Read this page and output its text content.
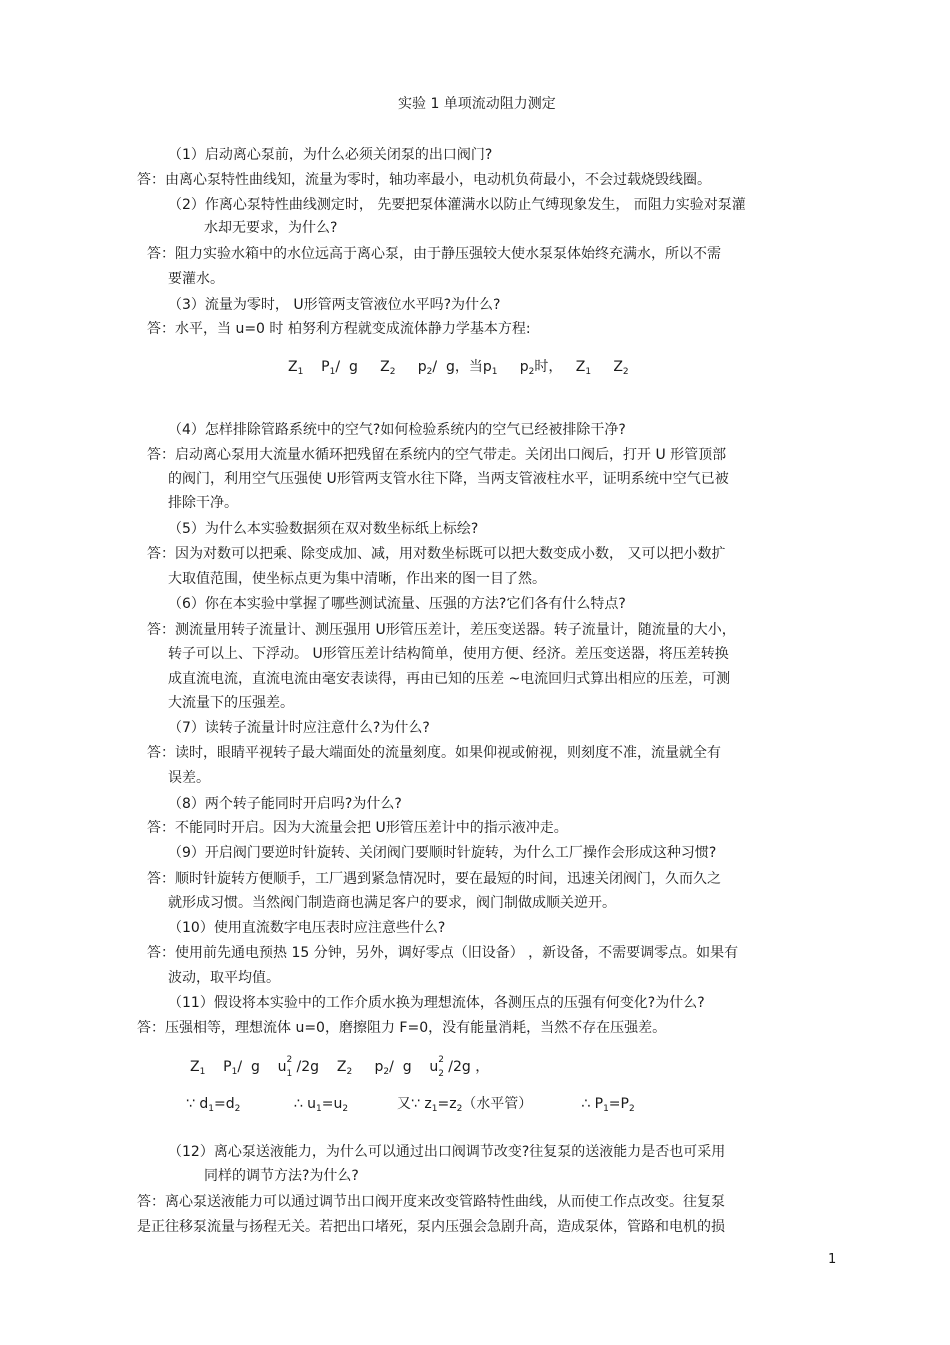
实验 1 单项流动阻力测定

（1）启动离心泵前，为什么必须关闭泵的出口阀门?

答：由离心泵特性曲线知，流量为零时，轴功率最小，电动机负荷最小，不会过载烧毁线圈。

（2）作离心泵特性曲线测定时， 先要把泵体灌满水以防止气缚现象发生， 而阻力实验对泵灌

水却无要求，为什么?

答：阻力实验水箱中的水位远高于离心泵，由于静压强较大使水泵泵体始终充满水，所以不需

要灌水。

（3）流量为零时， U形管两支管液位水平吗?为什么?

答：水平，当 u=0 时 柏努利方程就变成流体静力学基本方程:

$Z_1$ $P_1/$  g $Z_2$ $p_2/$  g，当$p_1$ $p_2$时， $Z_1$ $Z_2$

（4）怎样排除管路系统中的空气?如何检验系统内的空气已经被排除干净?

答：启动离心泵用大流量水循环把残留在系统内的空气带走。关闭出口阀后，打开 U 形管顶部

的阀门，利用空气压强使 U形管两支管水往下降，当两支管液柱水平，证明系统中空气已被

排除干净。

（5）为什么本实验数据须在双对数坐标纸上标绘?

答：因为对数可以把乘、除变成加、减，用对数坐标既可以把大数变成小数， 又可以把小数扩

大取值范围，使坐标点更为集中清晰，作出来的图一目了然。

（6）你在本实验中掌握了哪些测试流量、压强的方法?它们各有什么特点?

答：测流量用转子流量计、测压强用 U形管压差计，差压变送器。转子流量计，随流量的大小，

转子可以上、下浮动。 U形管压差计结构简单，使用方便、经济。差压变送器，将压差转换

成直流电流，直流电流由毫安表读得，再由已知的压差 ~电流回归式算出相应的压差，可测

大流量下的压强差。

（7）读转子流量计时应注意什么?为什么?

答：读时，眼睛平视转子最大端面处的流量刻度。如果仰视或俯视，则刻度不准，流量就全有

误差。

（8）两个转子能同时开启吗?为什么?

答：不能同时开启。因为大流量会把 U形管压差计中的指示液冲走。

（9）开启阀门要逆时针旋转、关闭阀门要顺时针旋转，为什么工厂操作会形成这种习惯?

答：顺时针旋转方便顺手，工厂遇到紧急情况时，要在最短的时间，迅速关闭阀门，久而久之

就形成习惯。当然阀门制造商也满足客户的要求，阀门制做成顺关逆开。

（10）使用直流数字电压表时应注意些什么?

答：使用前先通电预热 15 分钟，另外，调好零点（旧设备） ，新设备，不需要调零点。如果有

波动，取平均值。

（11）假设将本实验中的工作介质水换为理想流体，各测压点的压强有何变化?为什么?

答：压强相等，理想流体 u=0，磨擦阻力 F=0，没有能量消耗，当然不存在压强差。

$Z_1$ $P_1/$  g u 2
1 /2g $Z_2$ $p_2/$  g u 2
2 /2g ，
∵ $d_1=d_2$	∴ $u_1=u_2$	又∵ $z_1=z_2$（水平管）	∴ $P_1=P_2$

（12）离心泵送液能力，为什么可以通过出口阀调节改变?往复泵的送液能力是否也可采用

同样的调节方法?为什么?

答：离心泵送液能力可以通过调节出口阀开度来改变管路特性曲线，从而使工作点改变。往复泵

是正往移泵流量与扬程无关。若把出口堵死，泵内压强会急剧升高，造成泵体，管路和电机的损

1
